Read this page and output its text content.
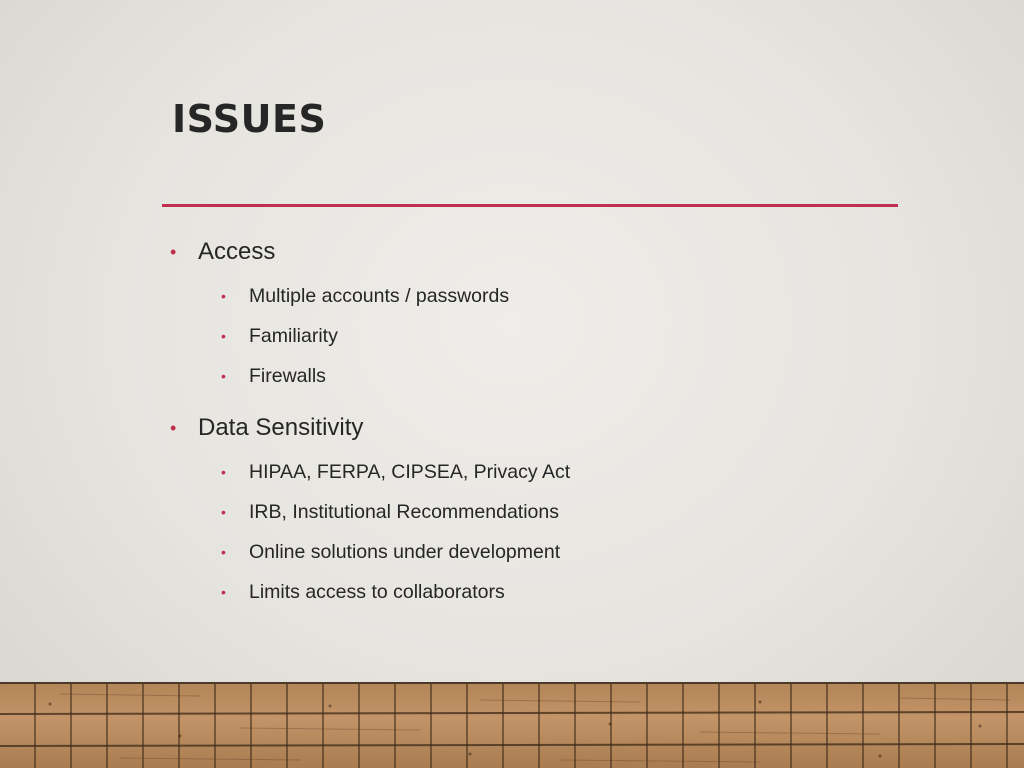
ISSUES
• Access
• Multiple accounts / passwords
• Familiarity
• Firewalls
• Data Sensitivity
• HIPAA, FERPA, CIPSEA, Privacy Act
• IRB, Institutional Recommendations
• Online solutions under development
• Limits access to collaborators
